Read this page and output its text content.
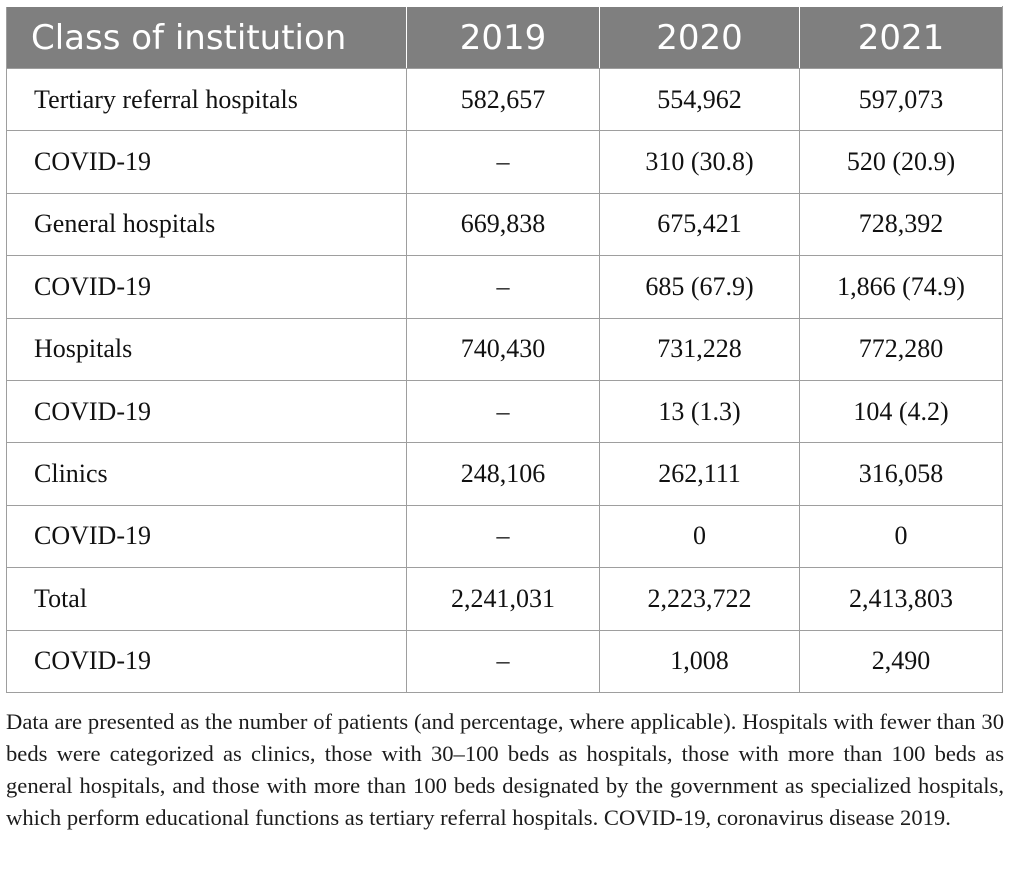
Class of institution	2019	2020	2021
Tertiary referral hospitals	582,657	554,962	597,073
COVID-19	–	310 (30.8)	520 (20.9)
General hospitals	669,838	675,421	728,392
COVID-19	–	685 (67.9)	1,866 (74.9)
Hospitals	740,430	731,228	772,280
COVID-19	–	13 (1.3)	104 (4.2)
Clinics	248,106	262,111	316,058
COVID-19	–	0	0
Total	2,241,031	2,223,722	2,413,803
COVID-19	–	1,008	2,490

Data are presented as the number of patients (and percentage, where applicable). Hospitals with fewer than 30 beds were categorized as clinics, those with 30–100 beds as hospitals, those with more than 100 beds as general hospitals, and those with more than 100 beds designated by the government as specialized hospitals, which perform educational functions as tertiary referral hospitals. COVID-19, coronavirus disease 2019.
